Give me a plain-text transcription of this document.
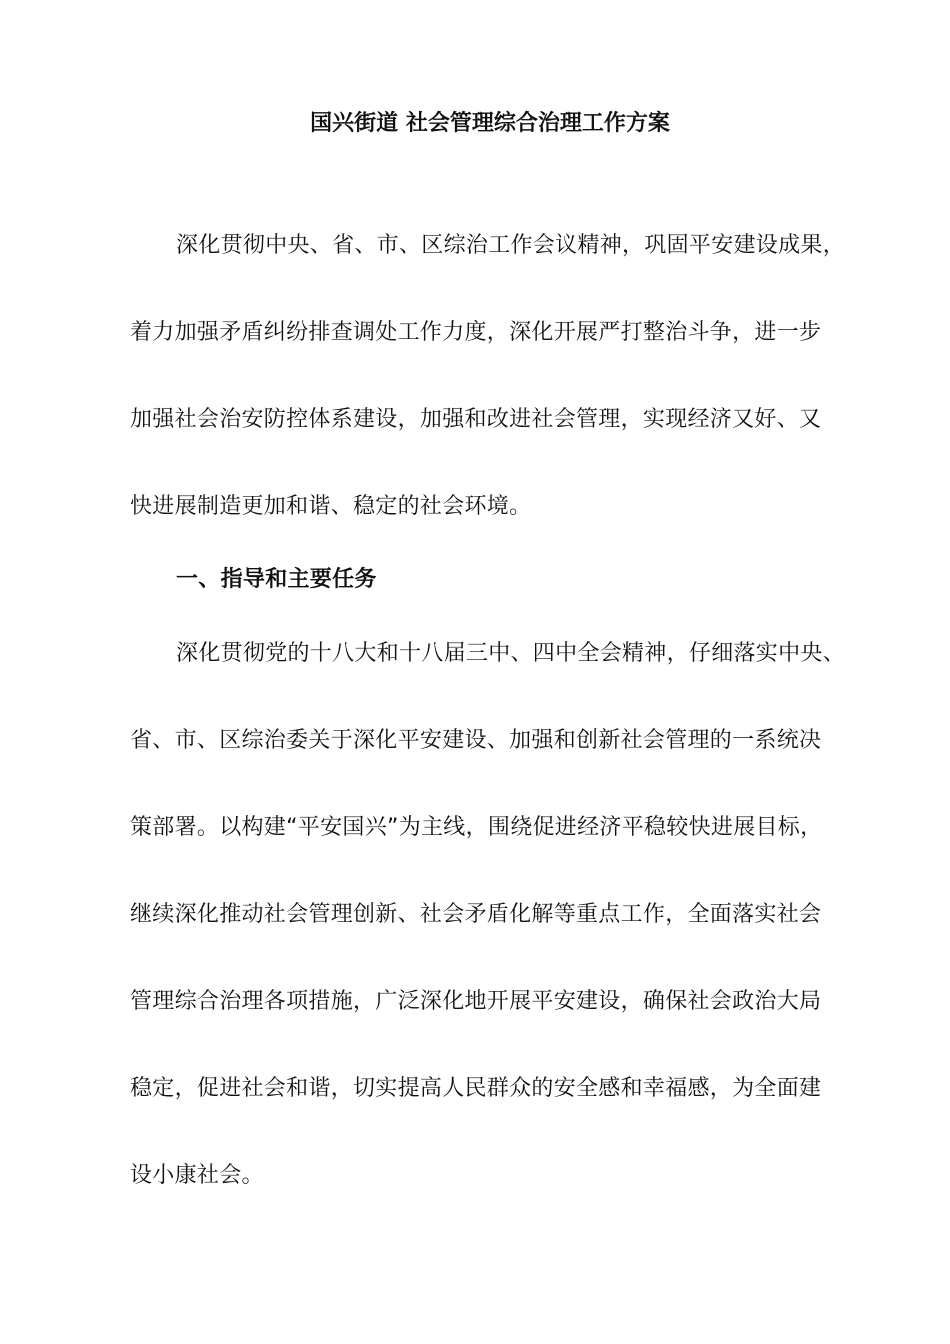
国兴街道 社会管理综合治理工作方案
深化贯彻中央、省、市、区综治工作会议精神，巩固平安建设成果，
着力加强矛盾纠纷排查调处工作力度，深化开展严打整治斗争，进一步
加强社会治安防控体系建设，加强和改进社会管理，实现经济又好、又
快进展制造更加和谐、稳定的社会环境。
一、指导和主要任务
深化贯彻党的十八大和十八届三中、四中全会精神，仔细落实中央、
省、市、区综治委关于深化平安建设、加强和创新社会管理的一系统决
策部署。以构建“平安国兴”为主线，围绕促进经济平稳较快进展目标，
继续深化推动社会管理创新、社会矛盾化解等重点工作，全面落实社会
管理综合治理各项措施，广泛深化地开展平安建设，确保社会政治大局
稳定，促进社会和谐，切实提高人民群众的安全感和幸福感，为全面建
设小康社会。
